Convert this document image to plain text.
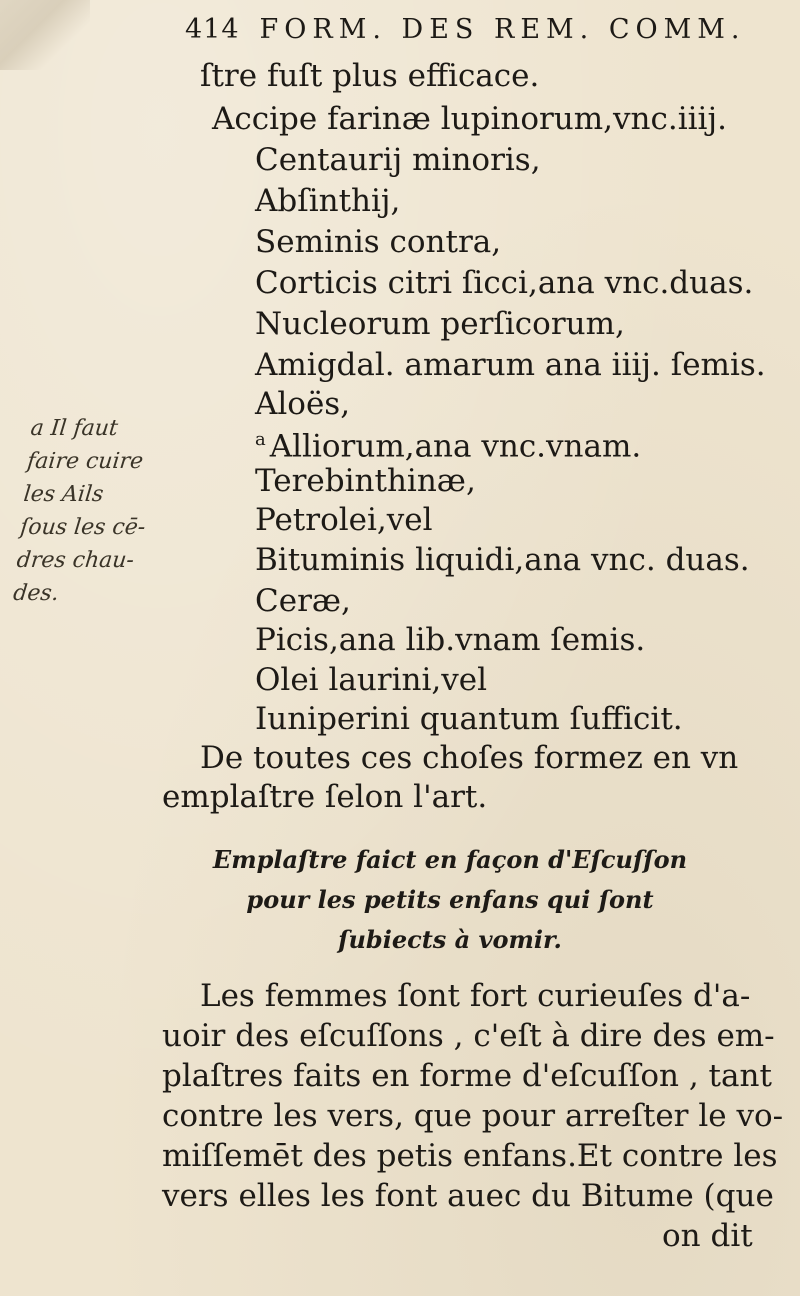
414 FORM. DES REM. COMM.
ſtre fuſt plus efficace.
Accipe farinæ lupinorum,vnc.iiij.
Centaurij minoris,
Abſinthij,
Seminis contra,
Corticis citri ſicci,ana vnc.duas.
Nucleorum perſicorum,
Amigdal. amarum ana iiij. ſemis.
Aloës,
$^a$ Alliorum,ana vnc.vnam.
Terebinthinæ,
Petrolei,vel
Bituminis liquidi,ana vnc. duas.
Ceræ,
Picis,ana lib.vnam ſemis.
Olei laurini,vel
Iuniperini quantum ſufficit.
De toutes ces choſes formez en vn
emplaſtre ſelon l'art.
a Il faut
faire cuire
les Ails
ſous les cē-
dres chau-
des.
Emplaſtre faict en façon d'Eſcuſſon
pour les petits enfans qui ſont
ſubiects à vomir.
Les femmes ſont fort curieuſes d'a-
uoir des eſcuſſons , c'eſt à dire des em-
plaſtres faits en forme d'eſcuſſon , tant
contre les vers, que pour arreſter le vo-
miſſemēt des petis enfans.Et contre les
vers elles les font auec du Bitume (que
on dit
